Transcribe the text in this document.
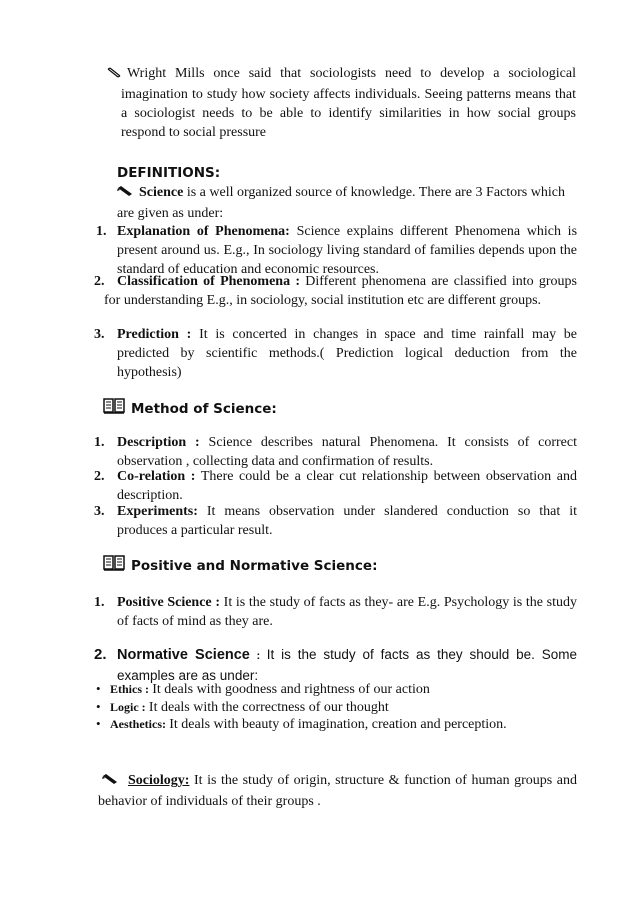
Wright Mills once said that sociologists need to develop a sociological imagination to study how society affects individuals. Seeing patterns means that a sociologist needs to be able to identify similarities in how social groups respond to social pressure

DEFINITIONS:

Science is a well organized source of knowledge. There are 3 Factors which are given as under:

1. Explanation of Phenomena: Science explains different Phenomena which is present around us. E.g., In sociology living standard of families depends upon the standard of education and economic resources.

2. Classification of Phenomena : Different phenomena are classified into groups for understanding E.g., in sociology, social institution etc are different groups.

3. Prediction : It is concerted in changes in space and time rainfall may be predicted by scientific methods.( Prediction logical deduction from the hypothesis)

Method of Science:
1. Description : Science describes natural Phenomena. It consists of correct observation , collecting data and confirmation of results.

2. Co-relation : There could be a clear cut relationship between observation and description.

3. Experiments: It means observation under slandered conduction so that it produces a particular result.

Positive and Normative Science:
1. Positive Science : It is the study of facts as they- are E.g. Psychology is the study of facts of mind as they are.

2. Normative Science : It is the study of facts as they should be. Some examples are as under:

• Ethics : It deals with goodness and rightness of our action
• Logic : It deals with the correctness of our thought
• Aesthetics: It deals with beauty of imagination, creation and perception.

Sociology: It is the study of origin, structure & function of human groups and behavior of individuals of their groups .
